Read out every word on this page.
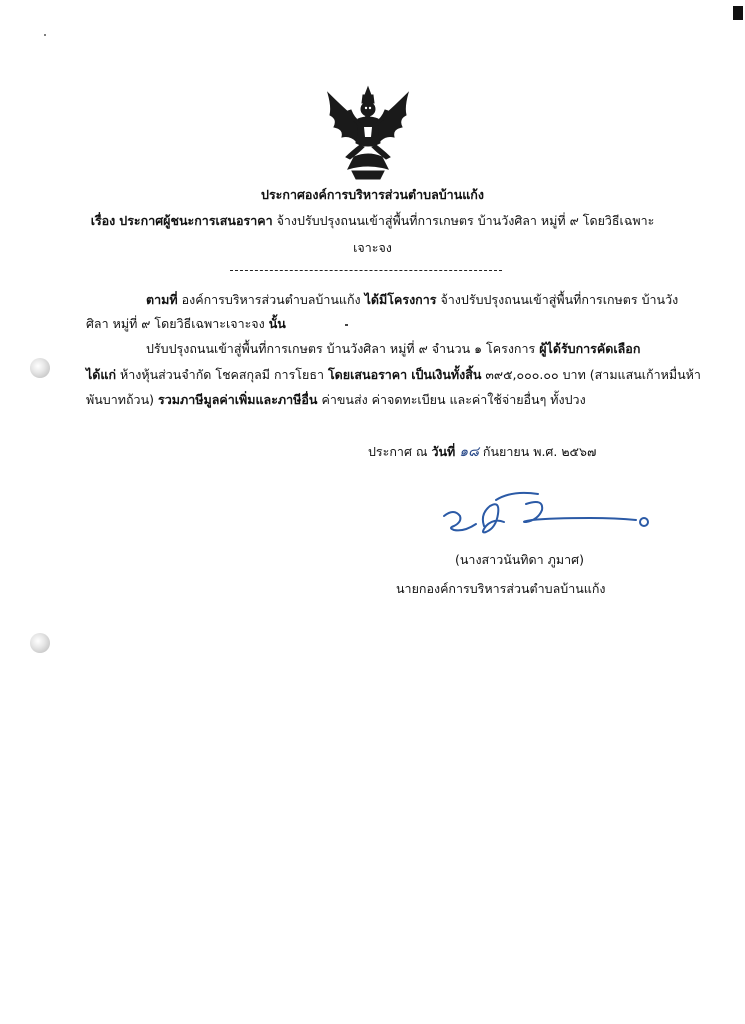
ประกาศองค์การบริหารส่วนตำบลบ้านแก้ง
เรื่อง ประกาศผู้ชนะการเสนอราคา จ้างปรับปรุงถนนเข้าสู่พื้นที่การเกษตร บ้านวังศิลา หมู่ที่ ๙ โดยวิธีเฉพาะ
เจาะจง
ตามที่ องค์การบริหารส่วนตำบลบ้านแก้ง ได้มีโครงการ จ้างปรับปรุงถนนเข้าสู่พื้นที่การเกษตร บ้านวัง
ศิลา หมู่ที่ ๙ โดยวิธีเฉพาะเจาะจง นั้น
ปรับปรุงถนนเข้าสู่พื้นที่การเกษตร บ้านวังศิลา หมู่ที่ ๙ จำนวน ๑ โครงการ ผู้ได้รับการคัดเลือก
ได้แก่ ห้างหุ้นส่วนจำกัด โชคสกุลมี การโยธา โดยเสนอราคา เป็นเงินทั้งสิ้น ๓๙๕,๐๐๐.๐๐ บาท (สามแสนเก้าหมื่นห้า
พันบาทถ้วน) รวมภาษีมูลค่าเพิ่มและภาษีอื่น ค่าขนส่ง ค่าจดทะเบียน และค่าใช้จ่ายอื่นๆ ทั้งปวง
ประกาศ ณ วันที่ ๑๘ กันยายน พ.ศ. ๒๕๖๗
(นางสาวนันทิดา ภูมาศ)
นายกองค์การบริหารส่วนตำบลบ้านแก้ง
